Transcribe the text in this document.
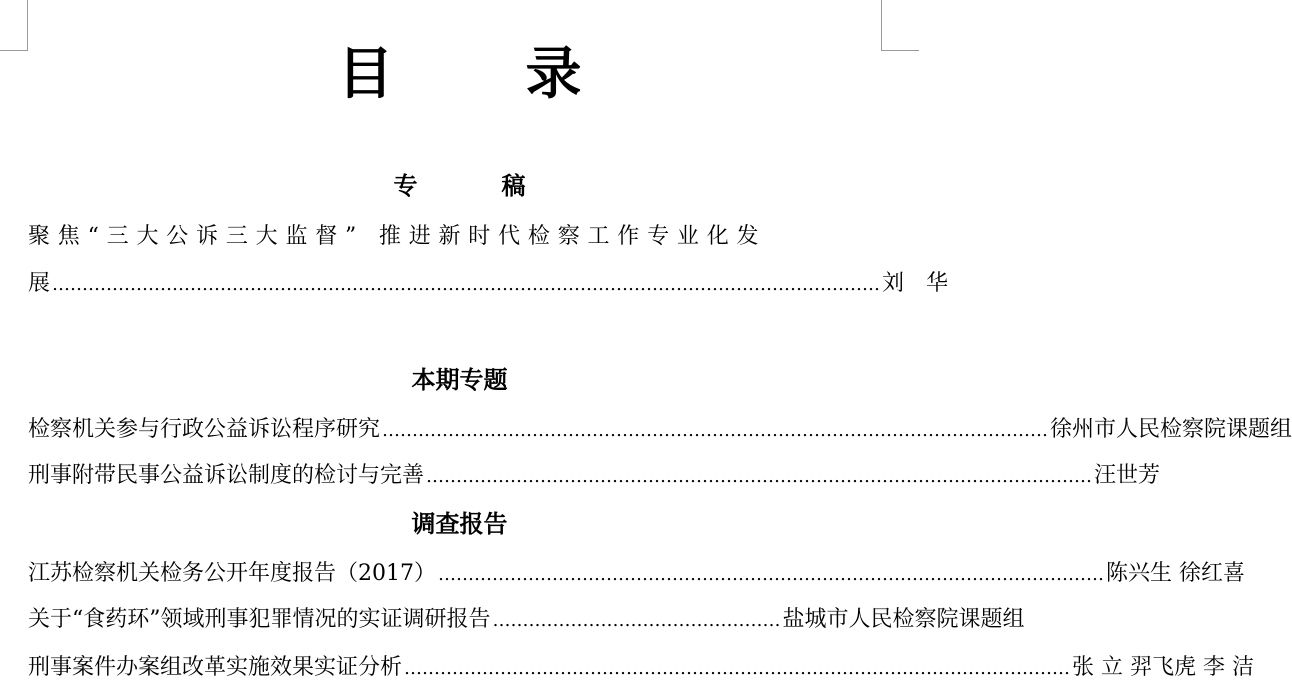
目　录
专　稿
聚焦“三大公诉三大监督” 推进新时代检察工作专业化发
展 ………………………………………………………………………………………………………………………… 刘　华
本期专题
检察机关参与行政公益诉讼程序研究 ………………………………………………………………………………………………… 徐州市人民检察院课题组
刑事附带民事公益诉讼制度的检讨与完善 ………………………………………………………………………………………………… 汪世芳
调查报告
江苏检察机关检务公开年度报告（2017） ………………………………………………………………………………………………… 陈兴生 徐红喜
关于“食药环”领域刑事犯罪情况的实证调研报告 ………………………………………… 盐城市人民检察院课题组
刑事案件办案组改革实施效果实证分析 ………………………………………………………………………………………………… 张 立 羿飞虎 李 洁
